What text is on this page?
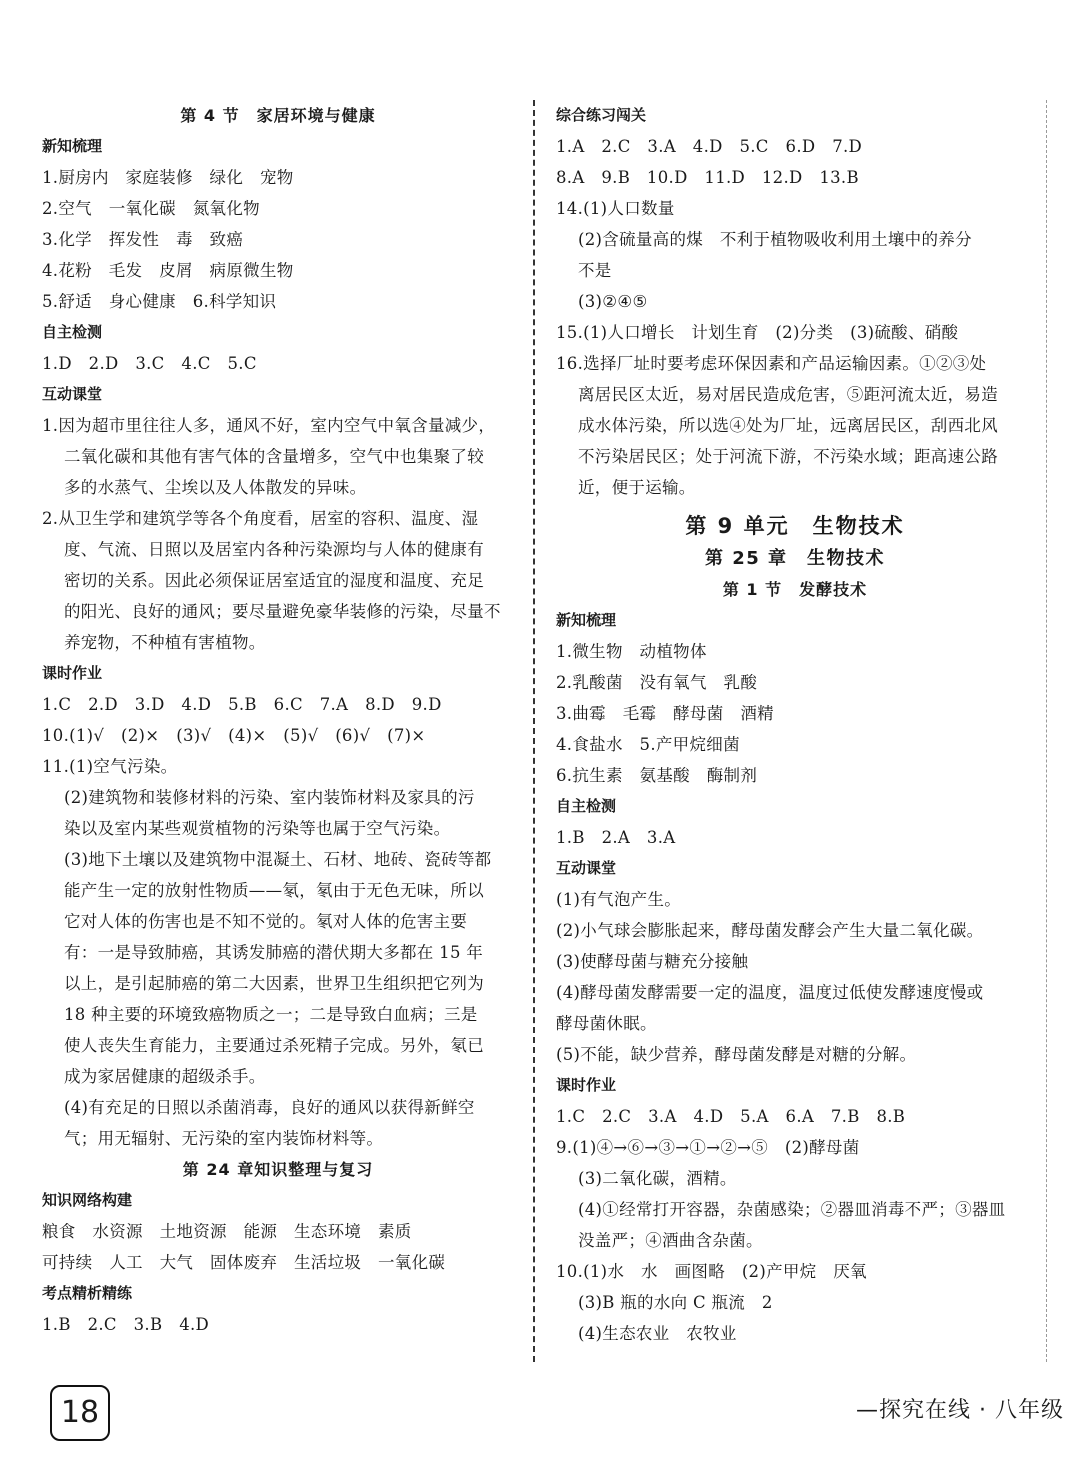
第 4 节　家居环境与健康
新知梳理
1.厨房内　家庭装修　绿化　宠物
2.空气　一氧化碳　氮氧化物
3.化学　挥发性　毒　致癌
4.花粉　毛发　皮屑　病原微生物
5.舒适　身心健康　6.科学知识
自主检测
1.D　2.D　3.C　4.C　5.C
互动课堂
1.因为超市里往往人多，通风不好，室内空气中氧含量减少，
二氧化碳和其他有害气体的含量增多，空气中也集聚了较
多的水蒸气、尘埃以及人体散发的异味。
2.从卫生学和建筑学等各个角度看，居室的容积、温度、湿
度、气流、日照以及居室内各种污染源均与人体的健康有
密切的关系。因此必须保证居室适宜的湿度和温度、充足
的阳光、良好的通风；要尽量避免豪华装修的污染，尽量不
养宠物，不种植有害植物。
课时作业
1.C　2.D　3.D　4.D　5.B　6.C　7.A　8.D　9.D
10.(1)√　(2)×　(3)√　(4)×　(5)√　(6)√　(7)×
11.(1)空气污染。
(2)建筑物和装修材料的污染、室内装饰材料及家具的污
染以及室内某些观赏植物的污染等也属于空气污染。
(3)地下土壤以及建筑物中混凝土、石材、地砖、瓷砖等都
能产生一定的放射性物质——氡，氡由于无色无味，所以
它对人体的伤害也是不知不觉的。氡对人体的危害主要
有：一是导致肺癌，其诱发肺癌的潜伏期大多都在 15 年
以上，是引起肺癌的第二大因素，世界卫生组织把它列为
18 种主要的环境致癌物质之一；二是导致白血病；三是
使人丧失生育能力，主要通过杀死精子完成。另外，氡已
成为家居健康的超级杀手。
(4)有充足的日照以杀菌消毒，良好的通风以获得新鲜空
气；用无辐射、无污染的室内装饰材料等。
第 24 章知识整理与复习
知识网络构建
粮食　水资源　土地资源　能源　生态环境　素质
可持续　人工　大气　固体废弃　生活垃圾　一氧化碳
考点精析精练
1.B　2.C　3.B　4.D
综合练习闯关
1.A　2.C　3.A　4.D　5.C　6.D　7.D
8.A　9.B　10.D　11.D　12.D　13.B
14.(1)人口数量
(2)含硫量高的煤　不利于植物吸收利用土壤中的养分
不是
(3)②④⑤
15.(1)人口增长　计划生育　(2)分类　(3)硫酸、硝酸
16.选择厂址时要考虑环保因素和产品运输因素。①②③处
离居民区太近，易对居民造成危害，⑤距河流太近，易造
成水体污染，所以选④处为厂址，远离居民区，刮西北风
不污染居民区；处于河流下游，不污染水域；距高速公路
近，便于运输。
第 9 单元　生物技术
第 25 章　生物技术
第 1 节　发酵技术
新知梳理
1.微生物　动植物体
2.乳酸菌　没有氧气　乳酸
3.曲霉　毛霉　酵母菌　酒精
4.食盐水　5.产甲烷细菌
6.抗生素　氨基酸　酶制剂
自主检测
1.B　2.A　3.A
互动课堂
(1)有气泡产生。
(2)小气球会膨胀起来，酵母菌发酵会产生大量二氧化碳。
(3)使酵母菌与糖充分接触
(4)酵母菌发酵需要一定的温度，温度过低使发酵速度慢或
酵母菌休眠。
(5)不能，缺少营养，酵母菌发酵是对糖的分解。
课时作业
1.C　2.C　3.A　4.D　5.A　6.A　7.B　8.B
9.(1)④→⑥→③→①→②→⑤　(2)酵母菌
(3)二氧化碳，酒精。
(4)①经常打开容器，杂菌感染；②器皿消毒不严；③器皿
没盖严；④酒曲含杂菌。
10.(1)水　水　画图略　(2)产甲烷　厌氧
(3)B 瓶的水向 C 瓶流　2
(4)生态农业　农牧业
18	—探究在线 · 八年级
